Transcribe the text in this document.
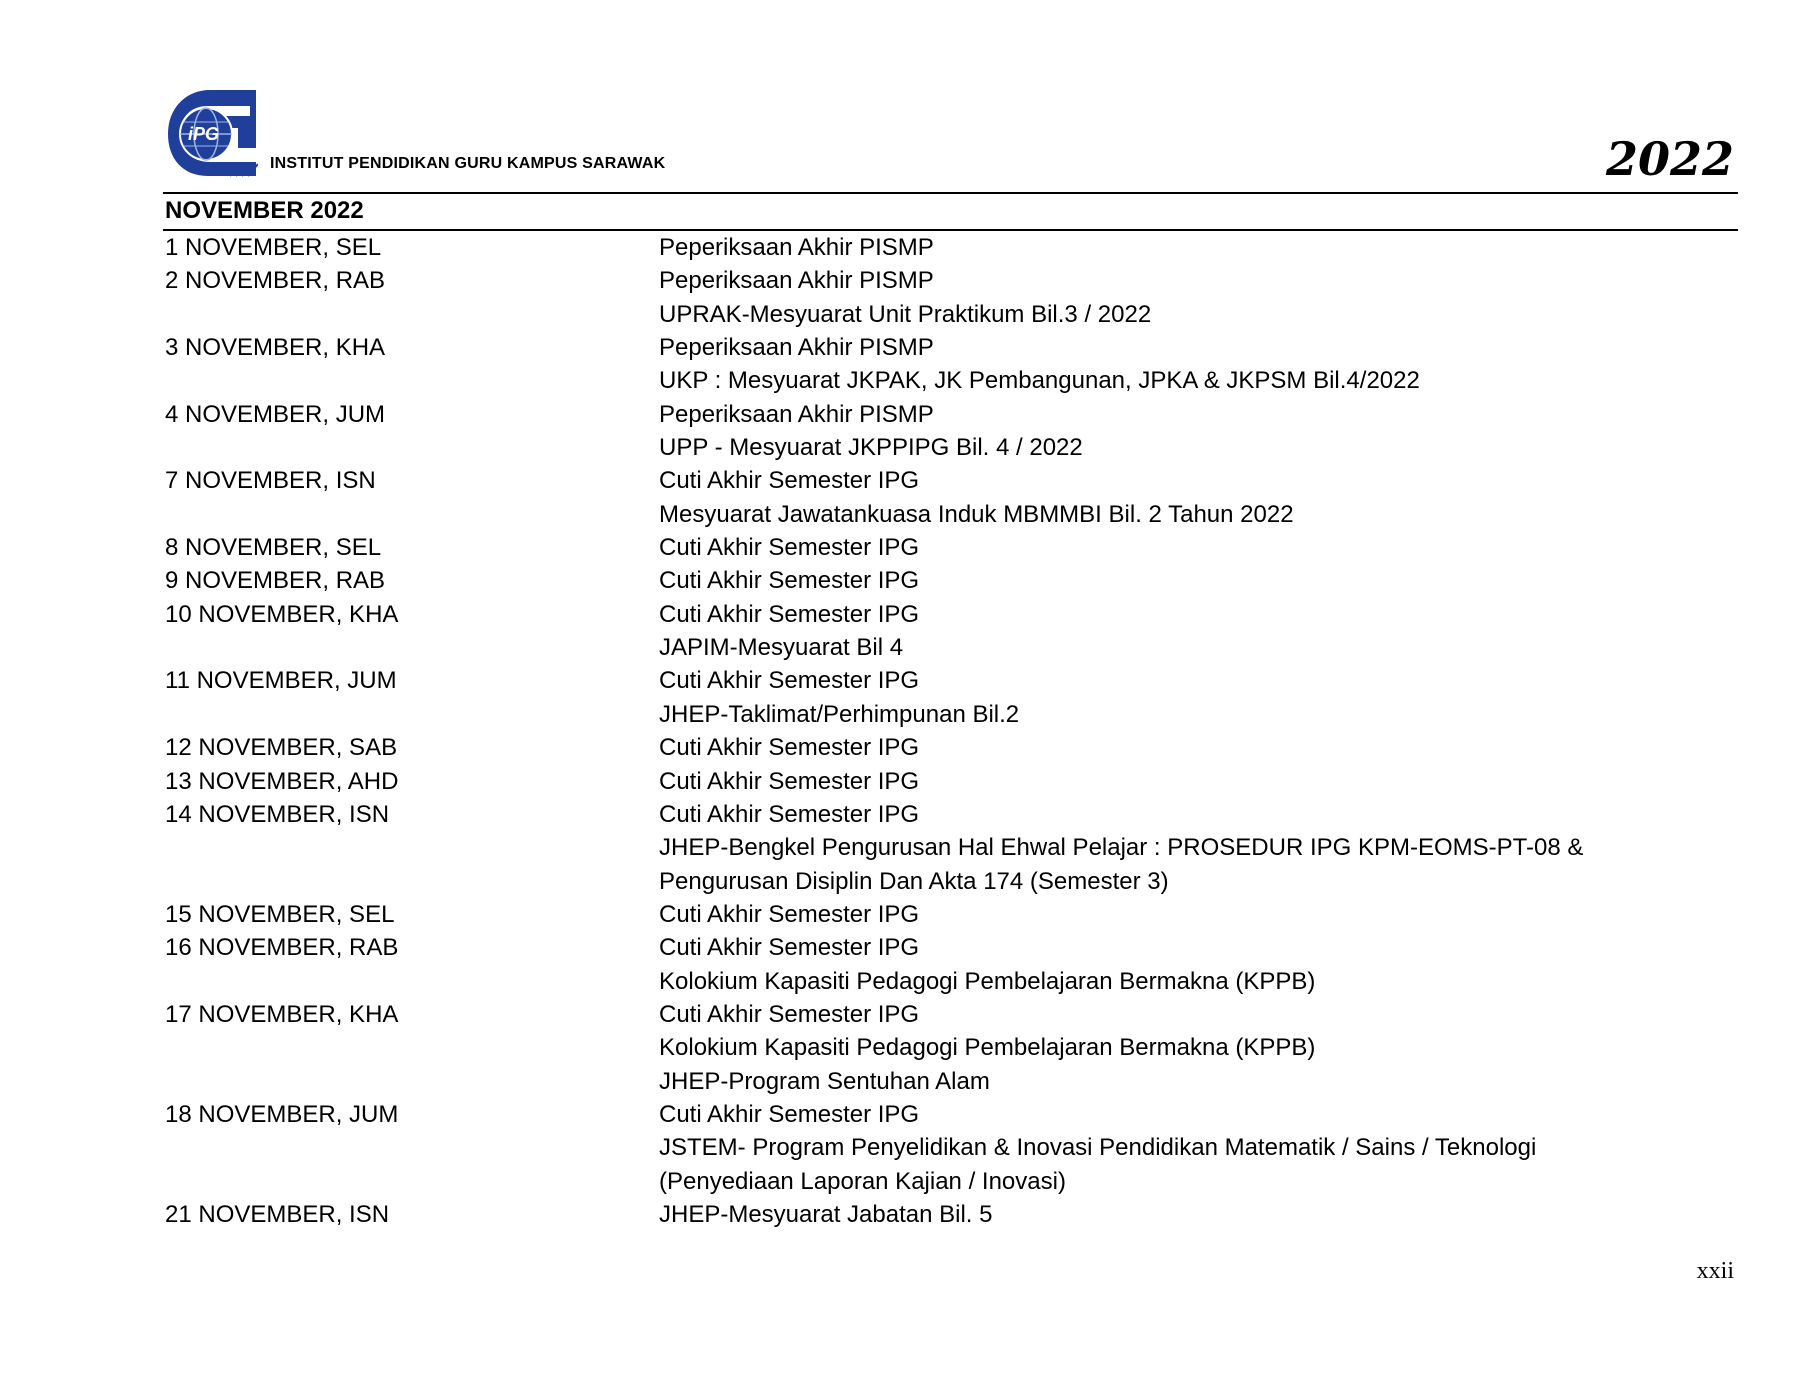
iPG
INSTITUT PENDIDIKAN GURU KAMPUS SARAWAK	2022
NOVEMBER 2022
1 NOVEMBER, SEL	Peperiksaan Akhir PISMP
2 NOVEMBER, RAB	Peperiksaan Akhir PISMP
UPRAK-Mesyuarat Unit Praktikum Bil.3 / 2022
3 NOVEMBER, KHA	Peperiksaan Akhir PISMP
UKP : Mesyuarat JKPAK, JK Pembangunan, JPKA & JKPSM Bil.4/2022
4 NOVEMBER, JUM	Peperiksaan Akhir PISMP
UPP - Mesyuarat JKPPIPG Bil. 4 / 2022
7 NOVEMBER, ISN	Cuti Akhir Semester IPG
Mesyuarat Jawatankuasa Induk MBMMBI Bil. 2 Tahun 2022
8 NOVEMBER, SEL	Cuti Akhir Semester IPG
9 NOVEMBER, RAB	Cuti Akhir Semester IPG
10 NOVEMBER, KHA	Cuti Akhir Semester IPG
JAPIM-Mesyuarat Bil 4
11 NOVEMBER, JUM	Cuti Akhir Semester IPG
JHEP-Taklimat/Perhimpunan Bil.2
12 NOVEMBER, SAB	Cuti Akhir Semester IPG
13 NOVEMBER, AHD	Cuti Akhir Semester IPG
14 NOVEMBER, ISN	Cuti Akhir Semester IPG
JHEP-Bengkel Pengurusan Hal Ehwal Pelajar : PROSEDUR IPG KPM-EOMS-PT-08 &
Pengurusan Disiplin Dan Akta 174 (Semester 3)
15 NOVEMBER, SEL	Cuti Akhir Semester IPG
16 NOVEMBER, RAB	Cuti Akhir Semester IPG
Kolokium Kapasiti Pedagogi Pembelajaran Bermakna (KPPB)
17 NOVEMBER, KHA	Cuti Akhir Semester IPG
Kolokium Kapasiti Pedagogi Pembelajaran Bermakna (KPPB)
JHEP-Program Sentuhan Alam
18 NOVEMBER, JUM	Cuti Akhir Semester IPG
JSTEM- Program Penyelidikan & Inovasi Pendidikan Matematik / Sains / Teknologi
(Penyediaan Laporan Kajian / Inovasi)
21 NOVEMBER, ISN	JHEP-Mesyuarat Jabatan Bil. 5
xxii
